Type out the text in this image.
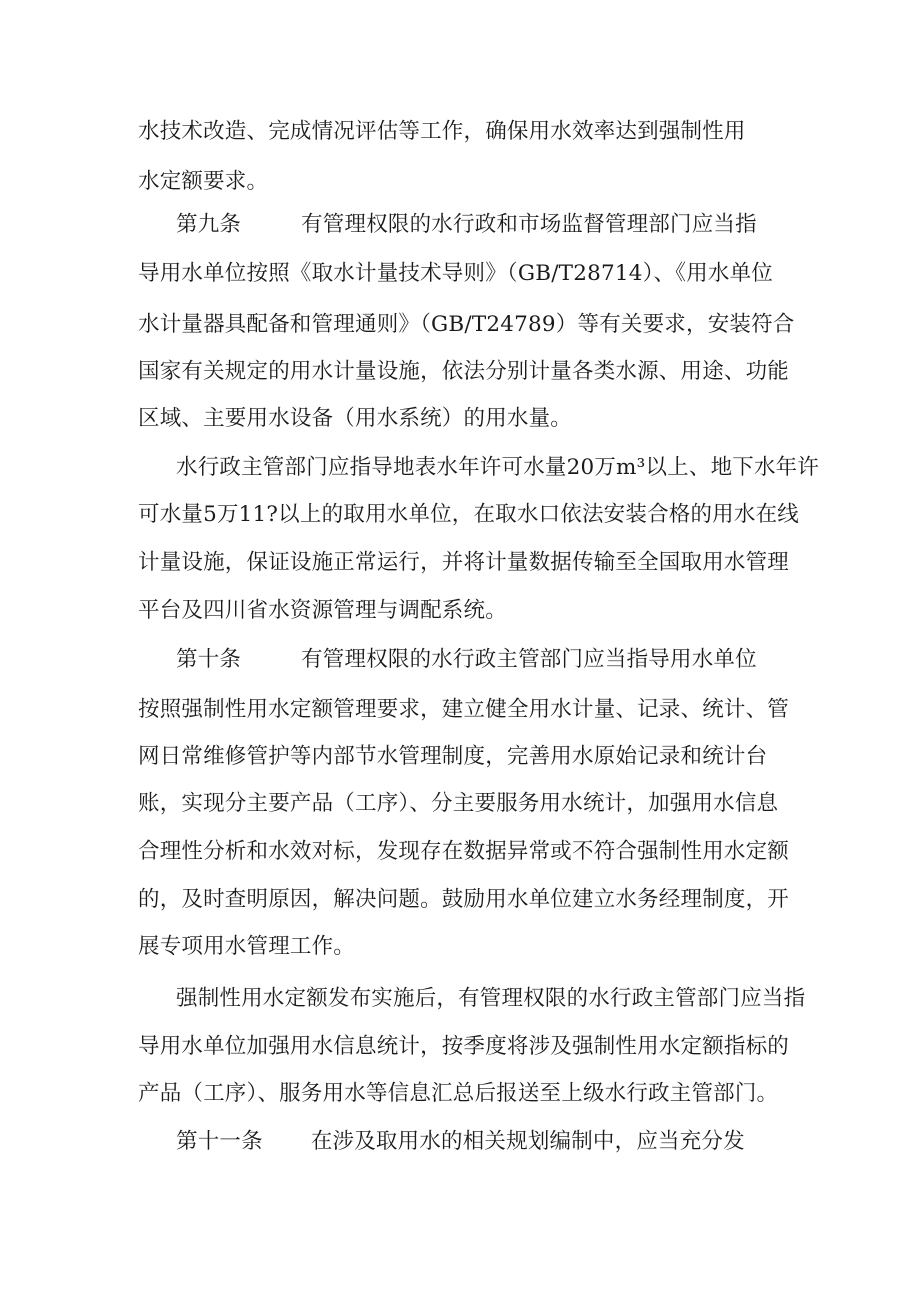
水技术改造、完成情况评估等工作，确保用水效率达到强制性用
水定额要求。
第九条	有管理权限的水行政和市场监督管理部门应当指
导用水单位按照《取水计量技术导则》（GB/T28714）、《用水单位
水计量器具配备和管理通则》（GB/T24789）等有关要求，安装符合
国家有关规定的用水计量设施，依法分别计量各类水源、用途、功能
区域、主要用水设备（用水系统）的用水量。
水行政主管部门应指导地表水年许可水量20万m³以上、地下水年许
可水量5万11?以上的取用水单位，在取水口依法安装合格的用水在线
计量设施，保证设施正常运行，并将计量数据传输至全国取用水管理
平台及四川省水资源管理与调配系统。
第十条	有管理权限的水行政主管部门应当指导用水单位
按照强制性用水定额管理要求，建立健全用水计量、记录、统计、管
网日常维修管护等内部节水管理制度，完善用水原始记录和统计台
账，实现分主要产品（工序）、分主要服务用水统计，加强用水信息
合理性分析和水效对标，发现存在数据异常或不符合强制性用水定额
的，及时查明原因，解决问题。鼓励用水单位建立水务经理制度，开
展专项用水管理工作。
强制性用水定额发布实施后，有管理权限的水行政主管部门应当指
导用水单位加强用水信息统计，按季度将涉及强制性用水定额指标的
产品（工序）、服务用水等信息汇总后报送至上级水行政主管部门。
第十一条 在涉及取用水的相关规划编制中，应当充分发
